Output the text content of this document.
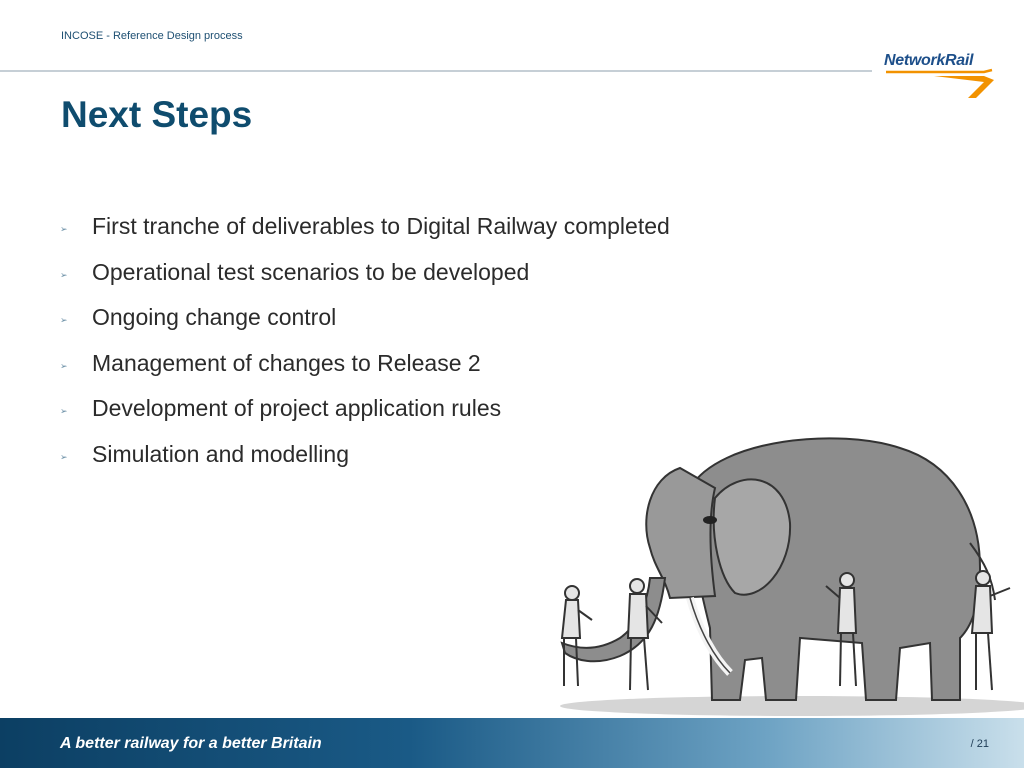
INCOSE - Reference Design process
NetworkRail
Next Steps
➢ First tranche of deliverables to Digital Railway completed
➢ Operational test scenarios to be developed
➢ Ongoing change control
➢ Management of changes to Release 2
➢ Development of project application rules
➢ Simulation and modelling
A better railway for a better Britain	/ 21
